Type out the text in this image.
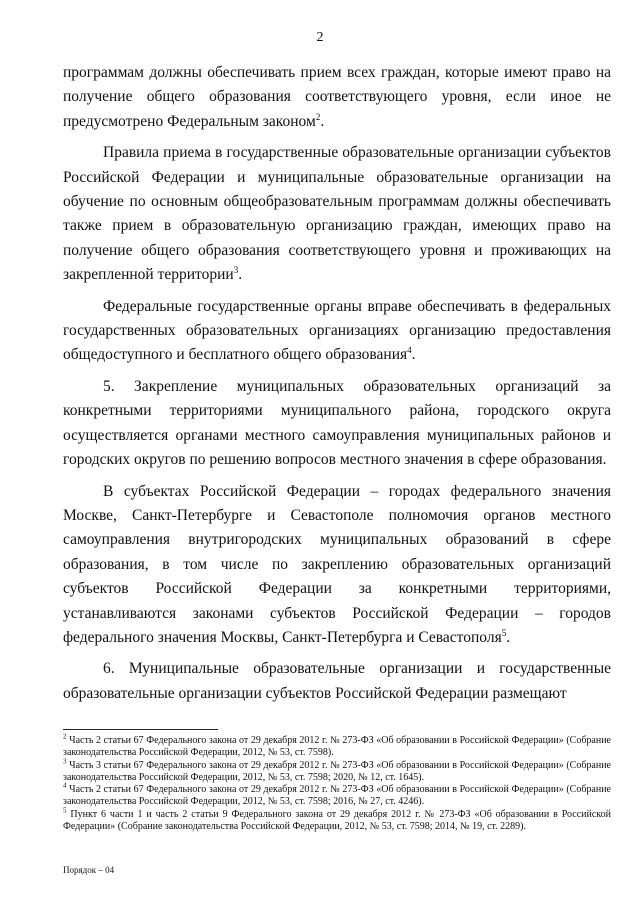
2

программам должны обеспечивать прием всех граждан, которые имеют право на получение общего образования соответствующего уровня, если иное не предусмотрено Федеральным законом$^2$.

Правила приема в государственные образовательные организации субъектов Российской Федерации и муниципальные образовательные организации на обучение по основным общеобразовательным программам должны обеспечивать также прием в образовательную организацию граждан, имеющих право на получение общего образования соответствующего уровня и проживающих на закрепленной территории$^3$.

Федеральные государственные органы вправе обеспечивать в федеральных государственных образовательных организациях организацию предоставления общедоступного и бесплатного общего образования$^4$.

5. Закрепление муниципальных образовательных организаций за конкретными территориями муниципального района, городского округа осуществляется органами местного самоуправления муниципальных районов и городских округов по решению вопросов местного значения в сфере образования.

В субъектах Российской Федерации – городах федерального значения Москве, Санкт-Петербурге и Севастополе полномочия органов местного самоуправления внутригородских муниципальных образований в сфере образования, в том числе по закреплению образовательных организаций субъектов Российской Федерации за конкретными территориями, устанавливаются законами субъектов Российской Федерации – городов федерального значения Москвы, Санкт-Петербурга и Севастополя$^5$.

6. Муниципальные образовательные организации и государственные образовательные организации субъектов Российской Федерации размещают

$^2$ Часть 2 статьи 67 Федерального закона от 29 декабря 2012 г. № 273-ФЗ «Об образовании в Российской Федерации» (Собрание законодательства Российской Федерации, 2012, № 53, ст. 7598).

$^3$ Часть 3 статьи 67 Федерального закона от 29 декабря 2012 г. № 273-ФЗ «Об образовании в Российской Федерации» (Собрание законодательства Российской Федерации, 2012, № 53, ст. 7598; 2020, № 12, ст. 1645).

$^4$ Часть 2 статьи 67 Федерального закона от 29 декабря 2012 г. № 273-ФЗ «Об образовании в Российской Федерации» (Собрание законодательства Российской Федерации, 2012, № 53, ст. 7598; 2016, № 27, ст. 4246).

$^5$ Пункт 6 части 1 и часть 2 статьи 9 Федерального закона от 29 декабря 2012 г. № 273-ФЗ «Об образовании в Российской Федерации» (Собрание законодательства Российской Федерации, 2012, № 53, ст. 7598; 2014, № 19, ст. 2289).

Порядок – 04
